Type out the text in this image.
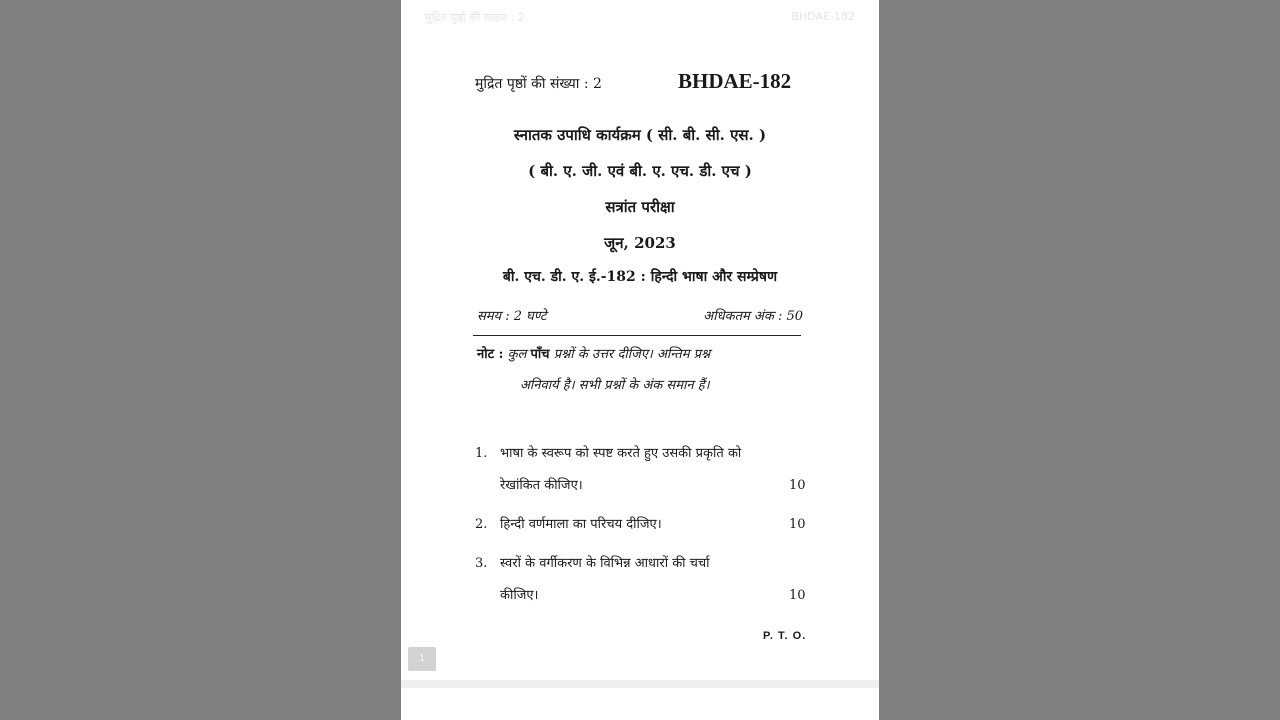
मुद्रित पृष्ठों की संख्या : 2	BHDAE-182
मुद्रित पृष्ठों की संख्या : 2	BHDAE-182
स्नातक उपाधि कार्यक्रम ( सी. बी. सी. एस. )
( बी. ए. जी. एवं बी. ए. एच. डी. एच )
सत्रांत परीक्षा
जून, 2023
बी. एच. डी. ए. ई.-182 : हिन्दी भाषा और सम्प्रेषण
समय : 2 घण्टे	अधिकतम अंक : 50
नोट : कुल पाँच प्रश्नों के उत्तर दीजिए। अन्तिम प्रश्न
अनिवार्य है। सभी प्रश्नों के अंक समान हैं।
1. भाषा के स्वरूप को स्पष्ट करते हुए उसकी प्रकृति को
रेखांकित कीजिए।	10
2. हिन्दी वर्णमाला का परिचय दीजिए।	10
3. स्वरों के वर्गीकरण के विभिन्न आधारों की चर्चा
कीजिए।	10
P. T. O.
1
